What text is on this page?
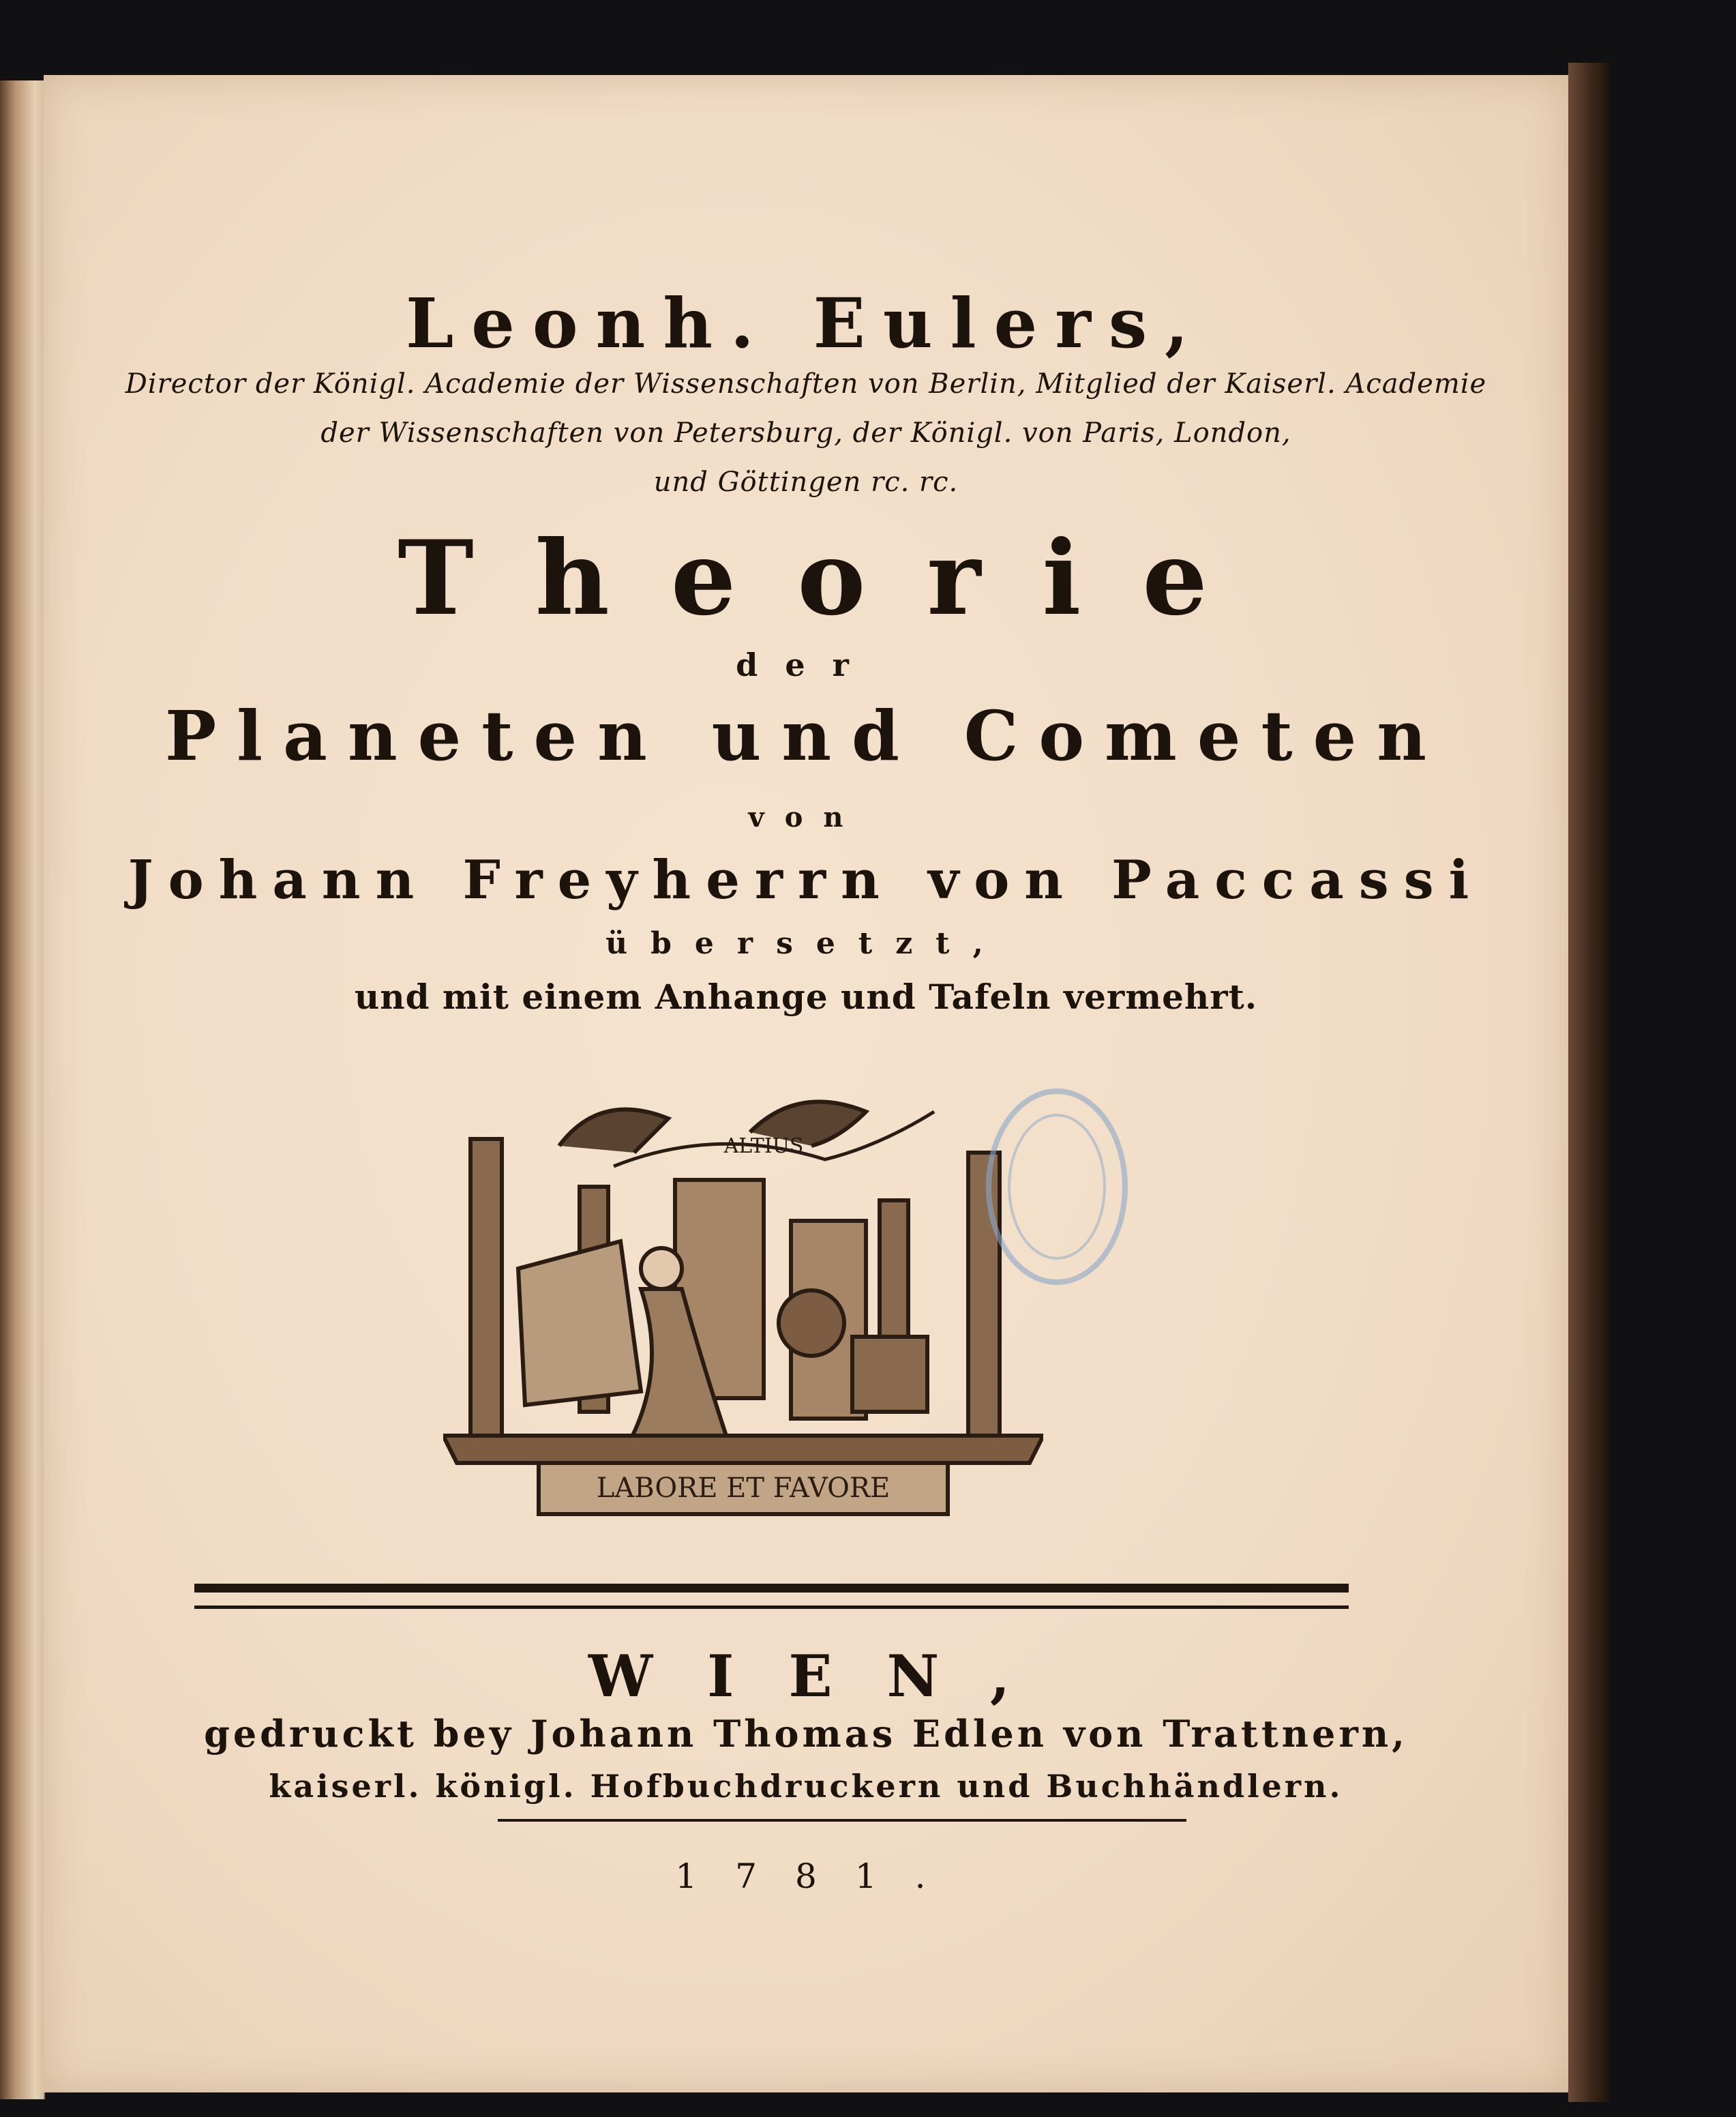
Leonh. Eulers,
Director der Königl. Academie der Wissenschaften von Berlin, Mitglied der Kaiserl. Academie
der Wissenschaften von Petersburg, der Königl. von Paris, London,
und Göttingen rc. rc.
Theorie
der
Planeten und Cometen
von
Johann Freyherrn von Paccassi
übersetzt,
und mit einem Anhange und Tafeln vermehrt.
ALTIUS
LABORE ET FAVORE
WIEN,
gedruckt bey Johann Thomas Edlen von Trattnern,
kaiserl. königl. Hofbuchdruckern und Buchhändlern.
1781.
